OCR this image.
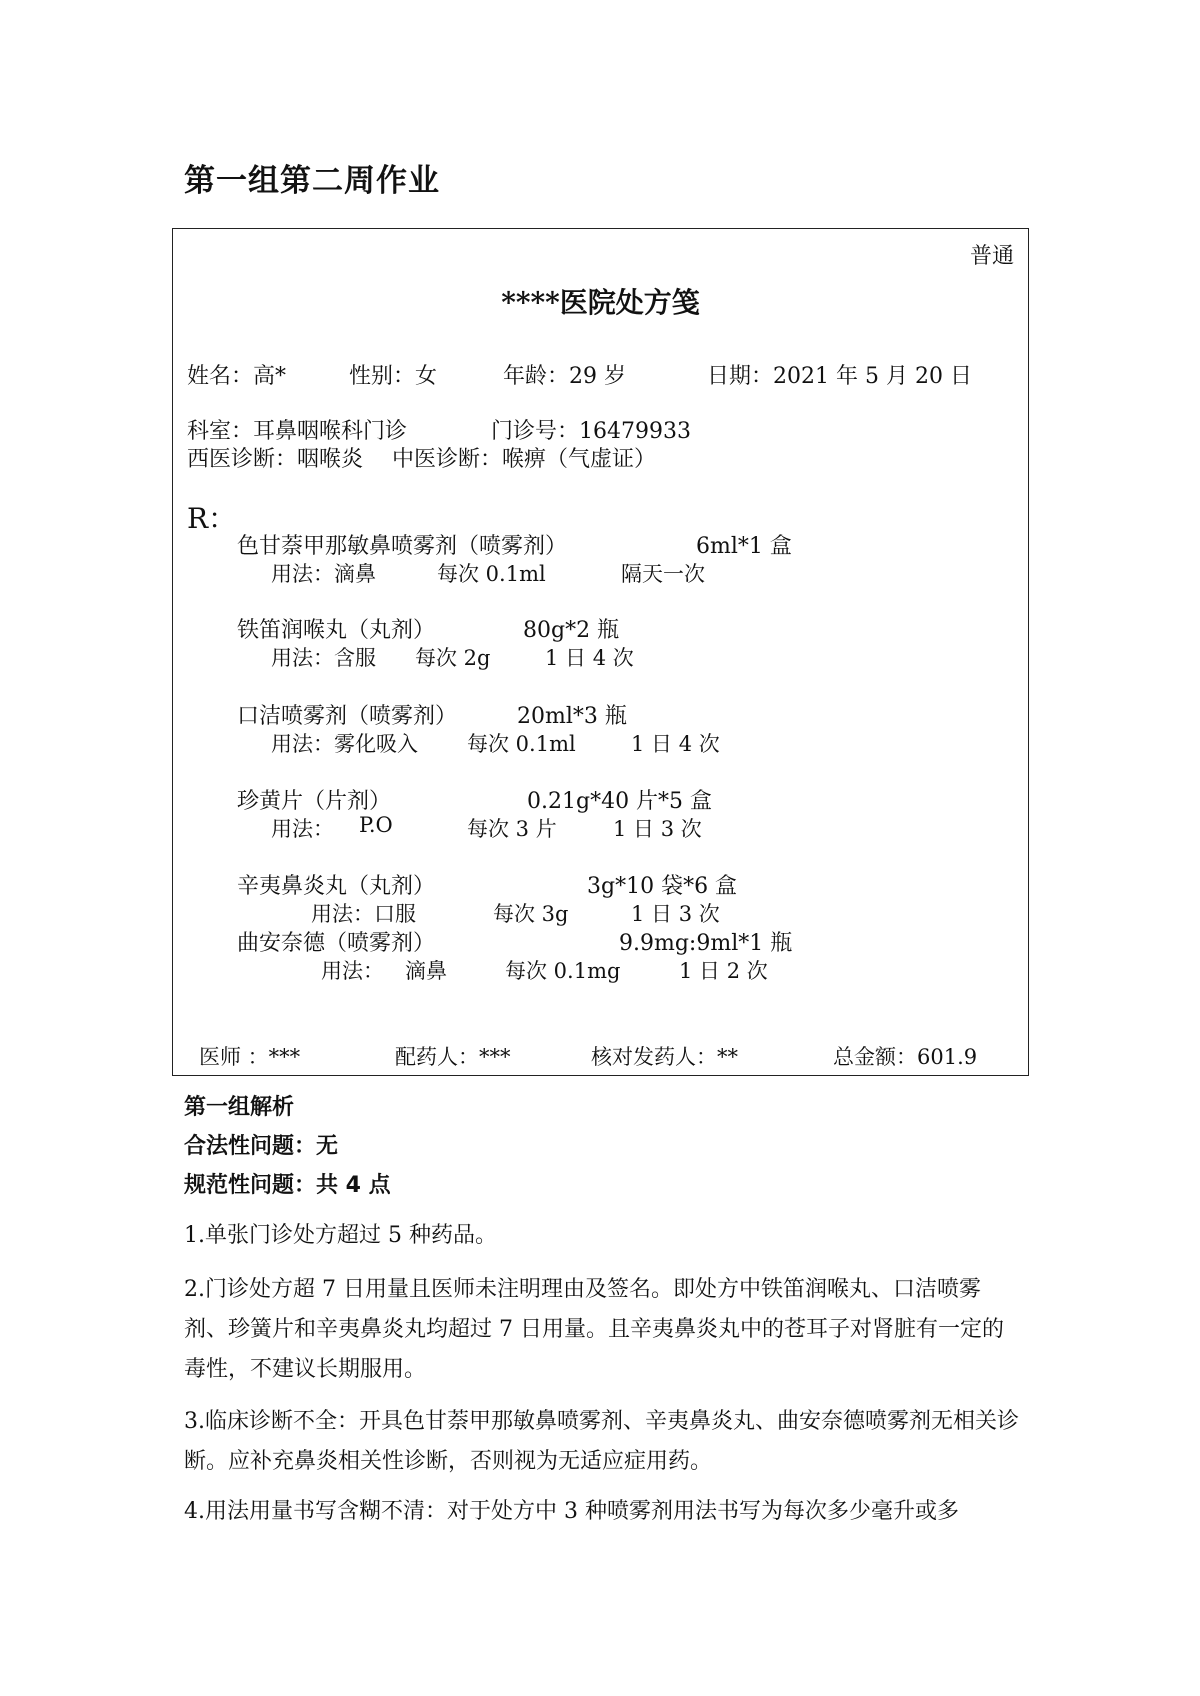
第一组第二周作业
普通
****医院处方笺
姓名：高*	性别：女	年龄：29 岁	日期：2021 年 5 月 20 日
科室：耳鼻咽喉科门诊	门诊号：16479933
西医诊断：咽喉炎 中医诊断：喉痹（气虚证）
R：
色甘萘甲那敏鼻喷雾剂（喷雾剂）	6ml*1 盒
用法：滴鼻	每次 0.1ml	隔天一次
铁笛润喉丸（丸剂）	80g*2 瓶
用法：含服 每次 2g	1 日 4 次
口洁喷雾剂（喷雾剂）	20ml*3 瓶
用法：雾化吸入 每次 0.1ml	1 日 4 次
珍黄片（片剂）	0.21g*40 片*5 盒
用法： P.O	每次 3 片	1 日 3 次
辛夷鼻炎丸（丸剂）	3g*10 袋*6 盒
用法：口服	每次 3g	1 日 3 次
曲安奈德（喷雾剂）	9.9mg:9ml*1 瓶
用法： 滴鼻	每次 0.1mg	1 日 2 次
医师 ：***	配药人：***	核对发药人：**	总金额：601.9
第一组解析
合法性问题：无
规范性问题：共 4 点
1.单张门诊处方超过 5 种药品。
2.门诊处方超 7 日用量且医师未注明理由及签名。即处方中铁笛润喉丸、口洁喷雾剂、珍簧片和辛夷鼻炎丸均超过 7 日用量。且辛夷鼻炎丸中的苍耳子对肾脏有一定的毒性，不建议长期服用。
3.临床诊断不全：开具色甘萘甲那敏鼻喷雾剂、辛夷鼻炎丸、曲安奈德喷雾剂无相关诊断。应补充鼻炎相关性诊断，否则视为无适应症用药。
4.用法用量书写含糊不清：对于处方中 3 种喷雾剂用法书写为每次多少毫升或多
